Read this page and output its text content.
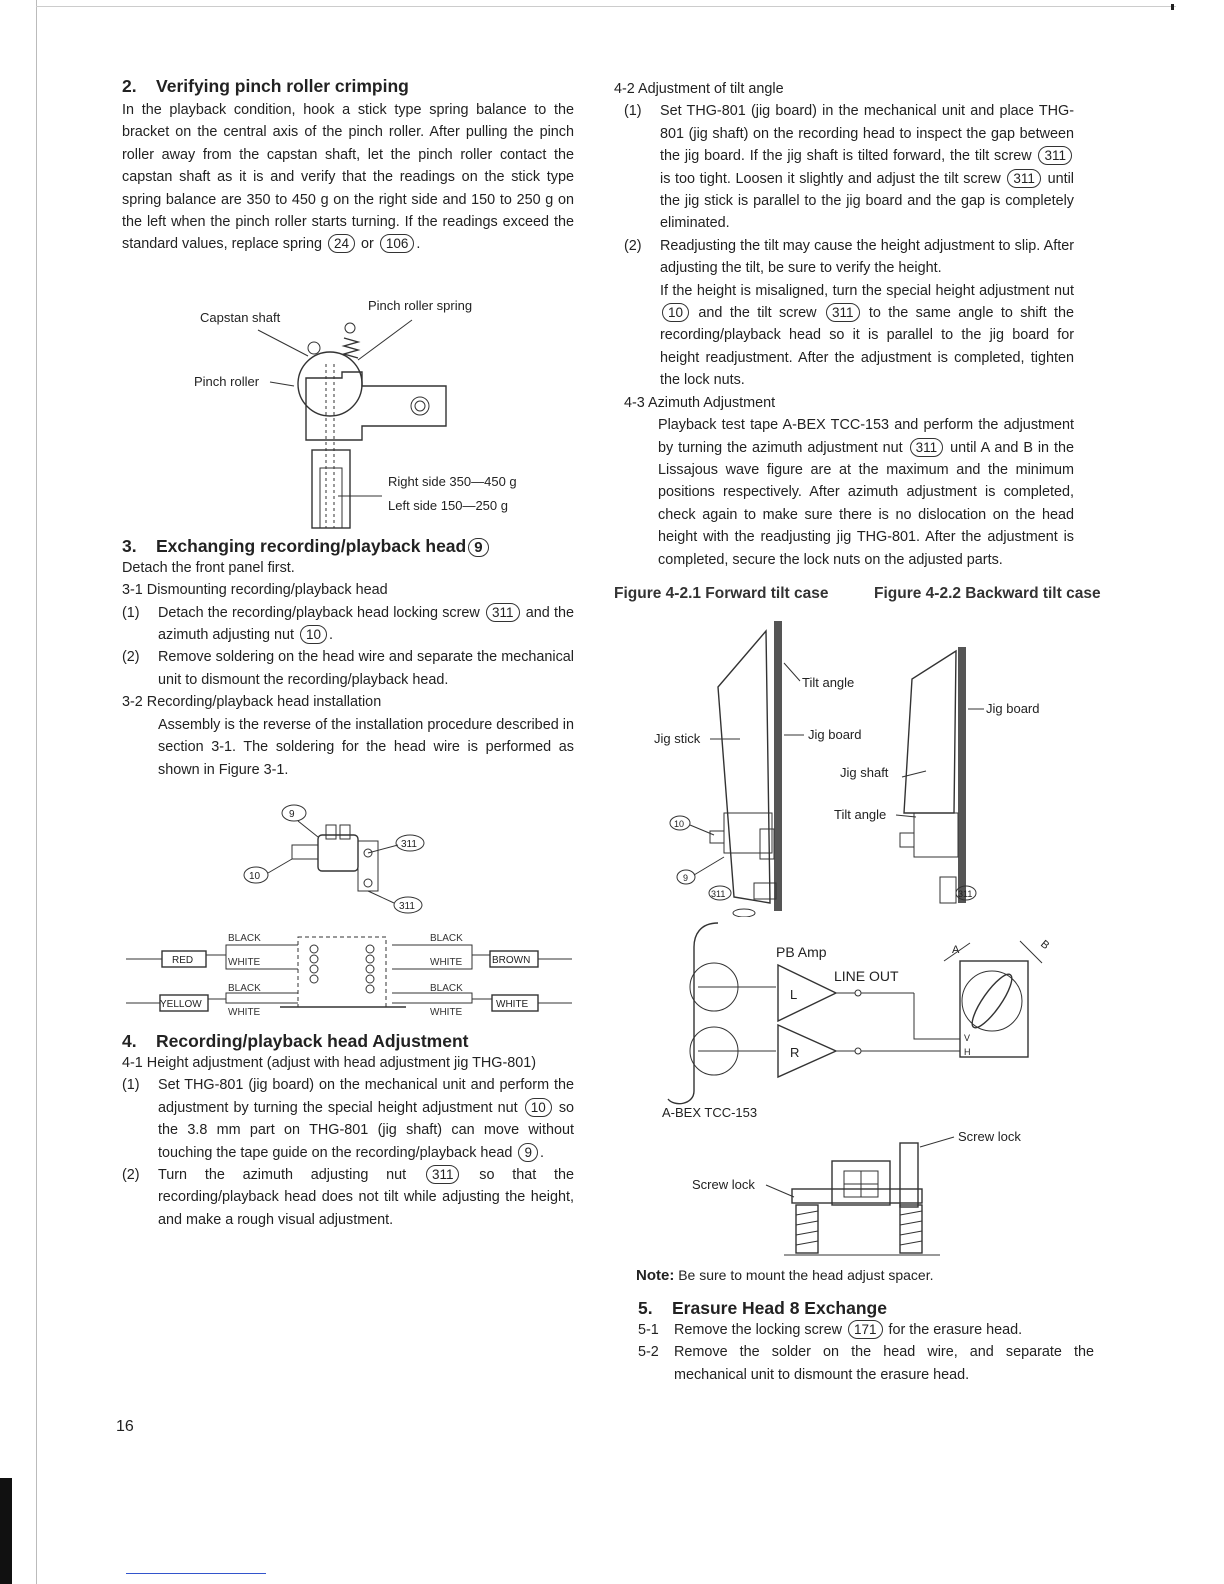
2. Verifying pinch roller crimping

In the playback condition, hook a stick type spring balance to the bracket on the central axis of the pinch roller. After pulling the pinch roller away from the capstan shaft, let the pinch roller contact the capstan shaft as it is and verify that the readings on the stick type spring balance are 350 to 450 g on the right side and 150 to 250 g on the left when the pinch roller starts turning. If the readings exceed the standard values, replace spring 24 or 106 .

Capstan shaft
Pinch roller spring
Pinch roller
Right side 350—450 g
Left side 150—250 g
3. Exchanging recording/playback head 9

Detach the front panel first.

3-1 Dismounting recording/playback head

(1)	Detach the recording/playback head locking screw 311 and the azimuth adjusting nut 10 .
(2)	Remove soldering on the head wire and separate the mechanical unit to dismount the recording/playback head.

3-2 Recording/playback head installation

Assembly is the reverse of the installation procedure described in section 3-1. The soldering for the head wire is performed as shown in Figure 3-1.

9
311
10
311
RED
YELLOW
BROWN
WHITE
BLACK
WHITE
BLACK
WHITE
BLACK
WHITE
BLACK
WHITE
4. Recording/playback head Adjustment

4-1 Height adjustment (adjust with head adjustment jig THG-801)

(1)	Set THG-801 (jig board) on the mechanical unit and perform the adjustment by turning the special height adjustment nut 10 so the 3.8 mm part on THG-801 (jig shaft) can move without touching the tape guide on the recording/playback head 9 .
(2)	Turn the azimuth adjusting nut 311 so that the recording/playback head does not tilt while adjusting the height, and make a rough visual adjustment.
16

4-2 Adjustment of tilt angle

(1)	Set THG-801 (jig board) in the mechanical unit and place THG-801 (jig shaft) on the recording head to inspect the gap between the jig board. If the jig shaft is tilted forward, the tilt screw 311 is too tight. Loosen it slightly and adjust the tilt screw 311 until the jig stick is parallel to the jig board and the gap is completely eliminated.
(2)	Readjusting the tilt may cause the height adjustment to slip. After adjusting the tilt, be sure to verify the height.
If the height is misaligned, turn the special height adjustment nut 10 and the tilt screw 311 to the same angle to shift the recording/playback head so it is parallel to the jig board for height readjustment. After the adjustment is completed, tighten the lock nuts.

4-3 Azimuth Adjustment

Playback test tape A-BEX TCC-153 and perform the adjustment by turning the azimuth adjustment nut 311 until A and B in the Lissajous wave figure are at the maximum and the minimum positions respectively. After azimuth adjustment is completed, check again to make sure there is no dislocation on the head height with the readjusting jig THG-801. After the adjustment is completed, secure the lock nuts on the adjusted parts.

Figure 4-2.1 Forward tilt case	Figure 4-2.2 Backward tilt case
Tilt angle
Jig stick	Jig board
Jig shaft
Tilt angle
10
9
311
Jig board
311
PB Amp
L
R
LINE OUT
V
H
A	B
A-BEX TCC-153
Screw lock
Screw lock

Note: Be sure to mount the head adjust spacer.

5. Erasure Head 8 Exchange
5-1	Remove the locking screw 171 for the erasure head.
5-2	Remove the solder on the head wire, and separate the mechanical unit to dismount the erasure head.
